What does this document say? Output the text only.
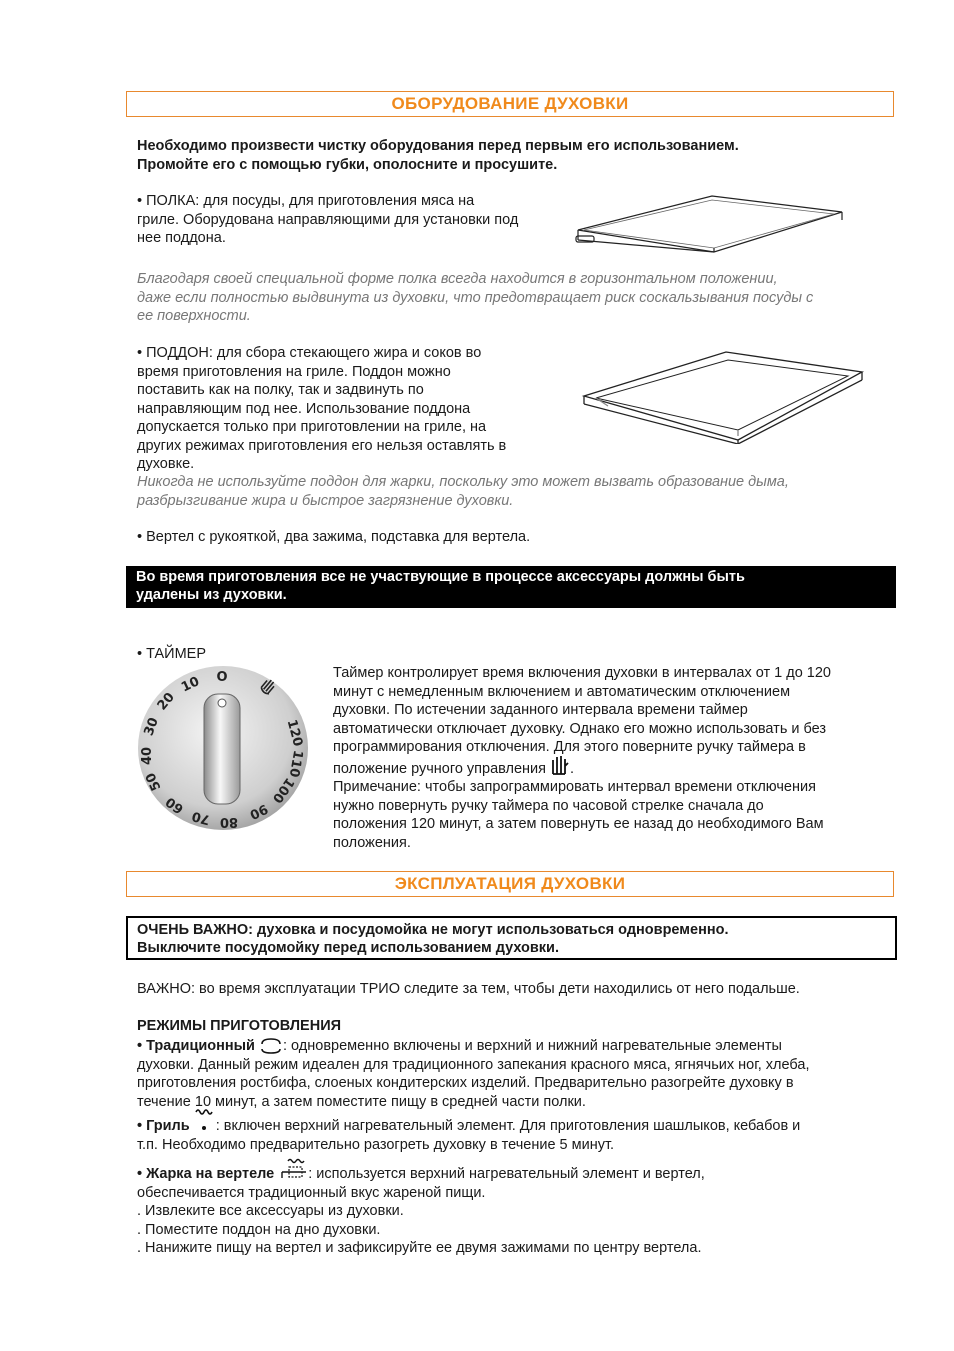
ОБОРУДОВАНИЕ ДУХОВКИ
Необходимо произвести чистку оборудования перед первым его использованием.
Промойте его с помощью губки, ополосните и просушите.
• ПОЛКА: для посуды, для приготовления мяса на
гриле. Оборудована направляющими для установки под
нее поддона.
Благодаря своей специальной форме полка всегда находится в горизонтальном положении,
даже если полностью выдвинута из духовки, что предотвращает риск соскальзывания посуды с
ее поверхности.
• ПОДДОН: для сбора стекающего жира и соков во
время приготовления на гриле. Поддон можно
поставить как на полку, так и задвинуть по
направляющим под нее. Использование поддона
допускается только при приготовлении на гриле, на
других режимах приготовления его нельзя оставлять в
духовке.
Никогда не используйте поддон для жарки, поскольку это может вызвать образование дыма,
разбрызгивание жира и быстрое загрязнение духовки.
• Вертел с рукояткой, два зажима, подставка для вертела.
Во время приготовления все не участвующие в процессе аксессуары должны быть
удалены из духовки.
• ТАЙМЕР
10
20
30
40
50
60
70 80 90
100
110
120
O	Таймер контролирует время включения духовки в интервалах от 1 до 120
минут с немедленным включением и автоматическим отключением
духовки. По истечении заданного интервала времени таймер
автоматически отключает духовку. Однако его можно использовать и без
программирования отключения. Для этого поверните ручку таймера в
положение ручного управления .
Примечание: чтобы запрограммировать интервал времени отключения
нужно повернуть ручку таймера по часовой стрелке сначала до
положения 120 минут, а затем повернуть ее назад до необходимого Вам
положения.
ЭКСПЛУАТАЦИЯ ДУХОВКИ
ОЧЕНЬ ВАЖНО: духовка и посудомойка не могут использоваться одновременно.
Выключите посудомойку перед использованием духовки.
ВАЖНО: во время эксплуатации ТРИО следите за тем, чтобы дети находились от него подальше.
РЕЖИМЫ ПРИГОТОВЛЕНИЯ
• Традиционный : одновременно включены и верхний и нижний нагревательные элементы
духовки. Данный режим идеален для традиционного запекания красного мяса, ягнячьих ног, хлеба,
приготовления ростбифа, слоеных кондитерских изделий. Предварительно разогрейте духовку в
течение 10 минут, а затем поместите пищу в средней части полки.
• Гриль : включен верхний нагревательный элемент. Для приготовления шашлыков, кебабов и
т.п. Необходимо предварительно разогреть духовку в течение 5 минут.
• Жарка на вертеле : используется верхний нагревательный элемент и вертел,
обеспечивается традиционный вкус жареной пищи.
. Извлеките все аксессуары из духовки.
. Поместите поддон на дно духовки.
. Нанижите пищу на вертел и зафиксируйте ее двумя зажимами по центру вертела.
